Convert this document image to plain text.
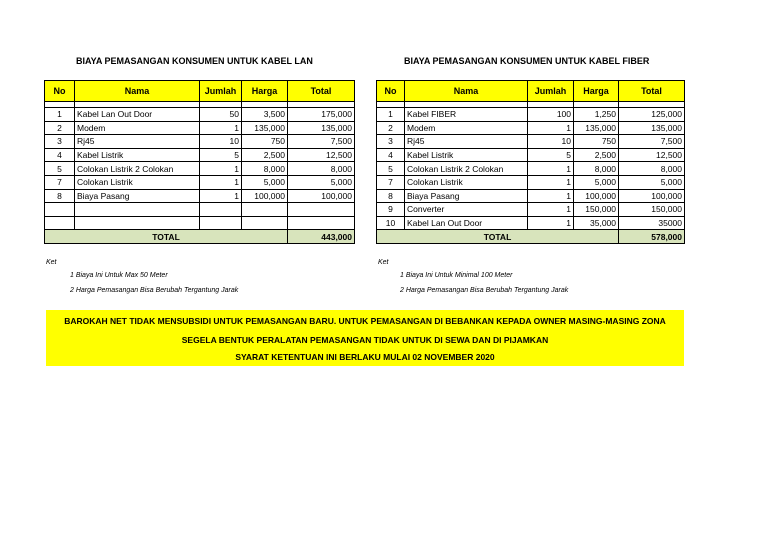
BIAYA PEMASANGAN KONSUMEN UNTUK KABEL LAN
No	Nama	Jumlah	Harga	Total

1	Kabel Lan Out Door	50	3,500	175,000
2	Modem	1	135,000	135,000
3	Rj45	10	750	7,500
4	Kabel Listrik	5	2,500	12,500
5	Colokan Listrik 2 Colokan	1	8,000	8,000
7	Colokan Listrik	1	5,000	5,000
8	Biaya Pasang	1	100,000	100,000

TOTAL				443,000
Ket
1 Biaya Ini Untuk Max 50 Meter
2 Harga Pemasangan Bisa Berubah Tergantung Jarak
BIAYA PEMASANGAN KONSUMEN UNTUK KABEL FIBER
No	Nama	Jumlah	Harga	Total

1	Kabel FIBER	100	1,250	125,000
2	Modem	1	135,000	135,000
3	Rj45	10	750	7,500
4	Kabel Listrik	5	2,500	12,500
5	Colokan Listrik 2 Colokan	1	8,000	8,000
7	Colokan Listrik	1	5,000	5,000
8	Biaya Pasang	1	100,000	100,000
9	Converter	1	150,000	150,000
10	Kabel Lan Out Door	1	35,000	35000
TOTAL				578,000
Ket
1 Biaya Ini Untuk Minimal 100 Meter
2 Harga Pemasangan Bisa Berubah Tergantung Jarak
BAROKAH NET TIDAK MENSUBSIDI UNTUK PEMASANGAN BARU. UNTUK PEMASANGAN DI BEBANKAN KEPADA OWNER MASING-MASING ZONA
SEGELA BENTUK PERALATAN PEMASANGAN TIDAK UNTUK DI SEWA DAN DI PIJAMKAN
SYARAT KETENTUAN INI BERLAKU MULAI 02 NOVEMBER 2020
